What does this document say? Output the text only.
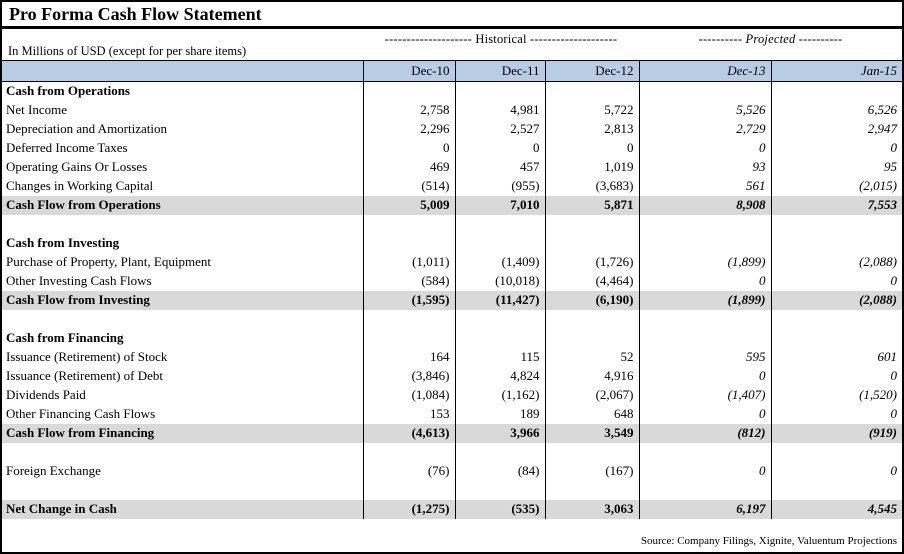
Pro Forma Cash Flow Statement
-------------------- Historical --------------------	---------- Projected ----------
In Millions of USD (except for per share items)
	Dec-10	Dec-11	Dec-12	Dec-13	Jan-15
Cash from Operations					
Net Income	2,758	4,981	5,722	5,526	6,526
Depreciation and Amortization	2,296	2,527	2,813	2,729	2,947
Deferred Income Taxes	0	0	0	0	0
Operating Gains Or Losses	469	457	1,019	93	95
Changes in Working Capital	(514)	(955)	(3,683)	561	(2,015)
Cash Flow from Operations	5,009	7,010	5,871	8,908	7,553

Cash from Investing					
Purchase of Property, Plant, Equipment	(1,011)	(1,409)	(1,726)	(1,899)	(2,088)
Other Investing Cash Flows	(584)	(10,018)	(4,464)	0	0
Cash Flow from Investing	(1,595)	(11,427)	(6,190)	(1,899)	(2,088)

Cash from Financing					
Issuance (Retirement) of Stock	164	115	52	595	601
Issuance (Retirement) of Debt	(3,846)	4,824	4,916	0	0
Dividends Paid	(1,084)	(1,162)	(2,067)	(1,407)	(1,520)
Other Financing Cash Flows	153	189	648	0	0
Cash Flow from Financing	(4,613)	3,966	3,549	(812)	(919)

Foreign Exchange	(76)	(84)	(167)	0	0

Net Change in Cash	(1,275)	(535)	3,063	6,197	4,545
Source: Company Filings, Xignite, Valuentum Projections
